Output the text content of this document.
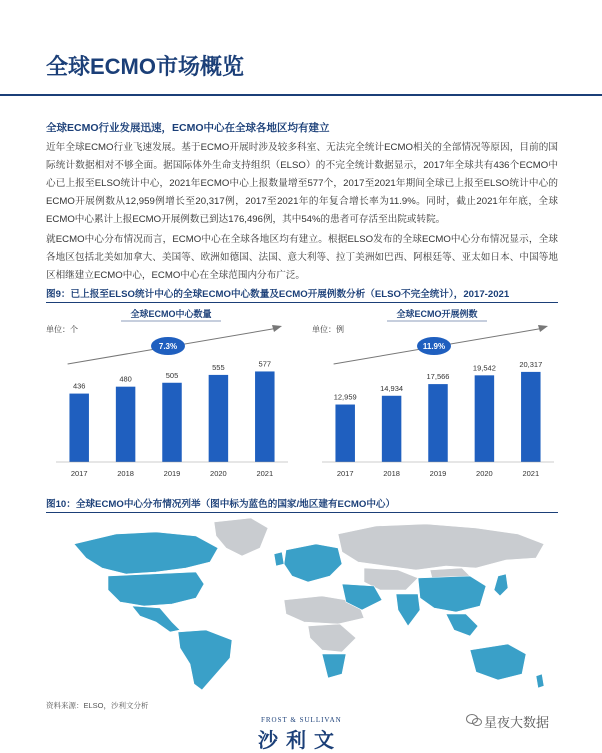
全球ECMO市场概览
全球ECMO行业发展迅速，ECMO中心在全球各地区均有建立
近年全球ECMO行业飞速发展。基于ECMO开展时涉及较多科室、无法完全统计ECMO相关的全部情况等原因，目前的国际统计数据相对不够全面。据国际体外生命支持组织（ELSO）的不完全统计数据显示，2017年全球共有436个ECMO中心已上报至ELSO统计中心，2021年ECMO中心上报数量增至577个，2017至2021年期间全球已上报至ELSO统计中心的ECMO开展例数从12,959例增长至20,317例，2017至2021年的年复合增长率为11.9%。同时，截止2021年年底，全球ECMO中心累计上报ECMO开展例数已到达176,496例，其中54%的患者可存活至出院或转院。
就ECMO中心分布情况而言，ECMO中心在全球各地区均有建立。根据ELSO发布的全球ECMO中心分布情况显示，全球各地区包括北美如加拿大、美国等、欧洲如德国、法国、意大利等、拉丁美洲如巴西、阿根廷等、亚太如日本、中国等地区相继建立ECMO中心，ECMO中心在全球范围内分布广泛。
图9：已上报至ELSO统计中心的全球ECMO中心数量及ECMO开展例数分析（ELSO不完全统计），2017-2021
全球ECMO中心数量
单位：个
7.3%
436
2017
480
2018
505
2019
555
2020
577
2021
全球ECMO开展例数
单位：例
11.9%
12,959
2017
14,934
2018
17,566
2019
19,542
2020
20,317
2021
图10：全球ECMO中心分布情况列举（图中标为蓝色的国家/地区建有ECMO中心）
资料来源：ELSO，沙利文分析
FROST & SULLIVAN
沙利文
星夜大数据
